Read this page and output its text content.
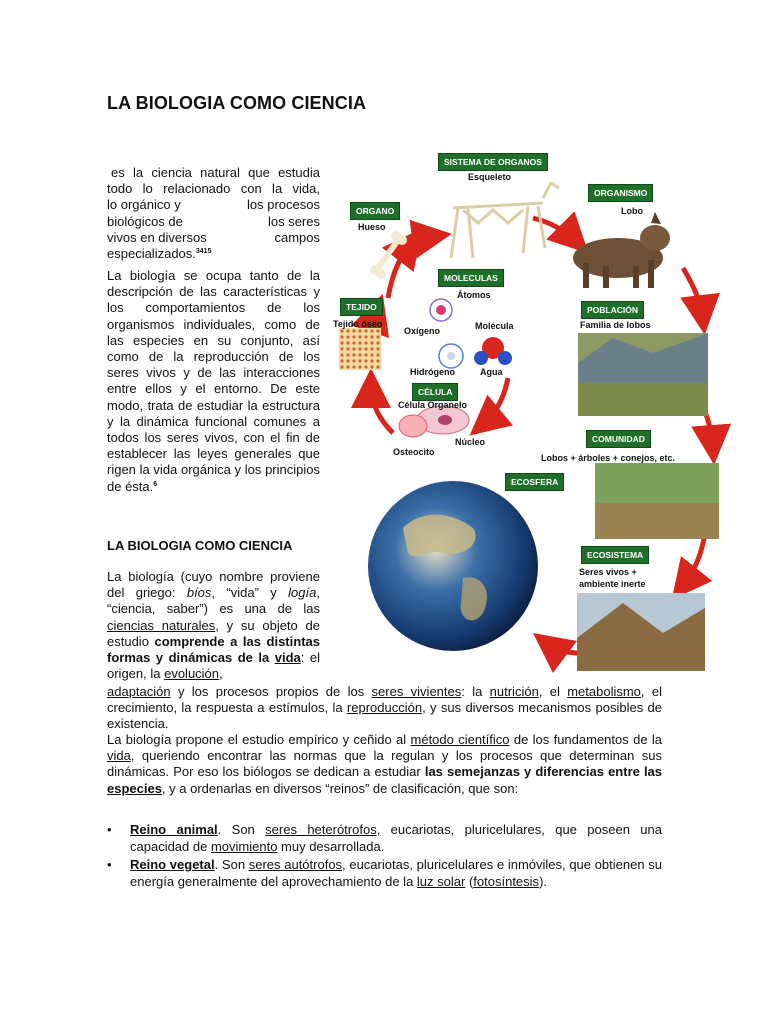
LA BIOLOGIA COMO CIENCIA
es la ciencia natural que estudia
todo lo relacionado con la vida,
lo orgánico y	los procesos
biológicos de	los seres
vivos en diversos	campos
especializados.$^{3415}$
La biología se ocupa tanto de la descripción de las características y los comportamientos de los organismos individuales, como de las especies en su conjunto, así como de la reproducción de los seres vivos y de las interacciones entre ellos y el entorno. De este modo, trata de estudiar la estructura y la dinámica funcional comunes a todos los seres vivos, con el fin de establecer las leyes generales que rigen la vida orgánica y los principios de ésta.$^6$
LA BIOLOGIA COMO CIENCIA
La biología (cuyo nombre proviene del griego: bíos, “vida” y logía, “ciencia, saber”) es una de las ciencias naturales, y su objeto de estudio comprende a las distintas formas y dinámicas de la vida: el origen, la evolución,
adaptación y los procesos propios de los seres vivientes: la nutrición, el metabolismo, el crecimiento, la respuesta a estímulos, la reproducción, y sus diversos mecanismos posibles de existencia.
La biología propone el estudio empírico y ceñido al método científico de los fundamentos de la vida, queriendo encontrar las normas que la regulan y los procesos que determinan sus dinámicas. Por eso los biólogos se dedican a estudiar las semejanzas y diferencias entre las especies, y a ordenarlas en diversos “reinos” de clasificación, que son:
• Reino animal. Son seres heterótrofos, eucariotas, pluricelulares, que poseen una capacidad de movimiento muy desarrollada.
• Reino vegetal. Son seres autótrofos, eucariotas, pluricelulares e inmóviles, que obtienen su energía generalmente del aprovechamiento de la luz solar (fotosíntesis).
SISTEMA DE ORGANOS
ORGANO
ORGANISMO
MOLECULAS
TEJIDO	POBLACIÓN
CÉLULA
COMUNIDAD
ECOSFERA
ECOSISTEMA
Esqueleto
Hueso
Lobo
Átomos
Oxígeno	Molécula
Hidrógeno	Agua
Tejido óseo	Familia de lobos
Célula Organelo
Núcleo
Osteocito
Lobos + árboles + conejos, etc.
Seres vivos +
ambiente inerte
